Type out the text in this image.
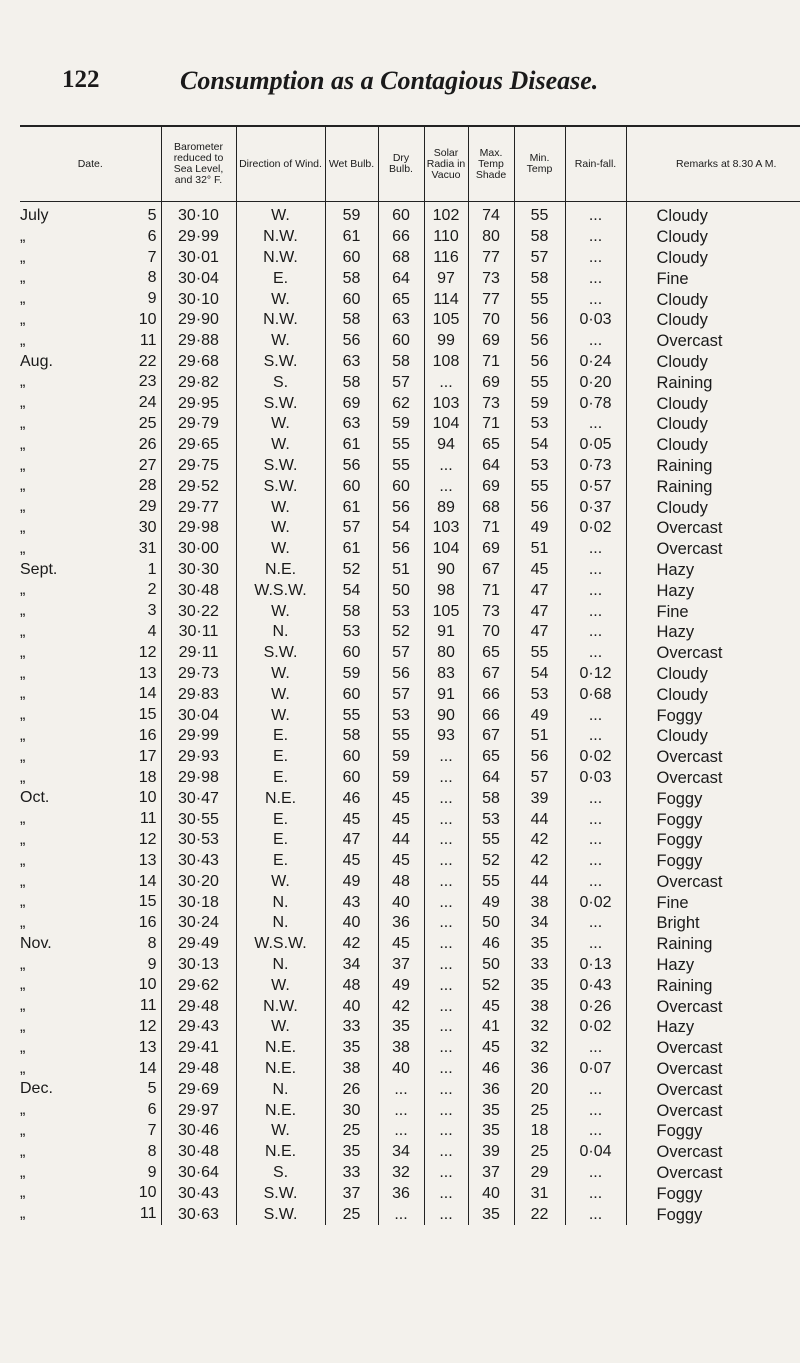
122	Consumption as a Contagious Disease.
Date.	Barometer reduced to Sea Level, and 32° F.	Direction of Wind.	Wet Bulb.	Dry Bulb.	Solar Radia in Vacuo	Max. Temp Shade	Min. Temp	Rain-fall.	Remarks at 8.30 A M.

July 5	30·10	W.	59	60	102	74	55	...	Cloudy

„ 6	29·99	N.W.	61	66	110	80	58	...	Cloudy

„ 7	30·01	N.W.	60	68	116	77	57	...	Cloudy

„ 8	30·04	E.	58	64	97	73	58	...	Fine

„ 9	30·10	W.	60	65	114	77	55	...	Cloudy

„ 10	29·90	N.W.	58	63	105	70	56	0·03	Cloudy

„ 11	29·88	W.	56	60	99	69	56	...	Overcast

Aug. 22	29·68	S.W.	63	58	108	71	56	0·24	Cloudy

„ 23	29·82	S.	58	57	...	69	55	0·20	Raining

„ 24	29·95	S.W.	69	62	103	73	59	0·78	Cloudy

„ 25	29·79	W.	63	59	104	71	53	...	Cloudy

„ 26	29·65	W.	61	55	94	65	54	0·05	Cloudy

„ 27	29·75	S.W.	56	55	...	64	53	0·73	Raining

„ 28	29·52	S.W.	60	60	...	69	55	0·57	Raining

„ 29	29·77	W.	61	56	89	68	56	0·37	Cloudy

„ 30	29·98	W.	57	54	103	71	49	0·02	Overcast

„ 31	30·00	W.	61	56	104	69	51	...	Overcast

Sept. 1	30·30	N.E.	52	51	90	67	45	...	Hazy

„ 2	30·48	W.S.W.	54	50	98	71	47	...	Hazy

„ 3	30·22	W.	58	53	105	73	47	...	Fine

„ 4	30·11	N.	53	52	91	70	47	...	Hazy

„ 12	29·11	S.W.	60	57	80	65	55	...	Overcast

„ 13	29·73	W.	59	56	83	67	54	0·12	Cloudy

„ 14	29·83	W.	60	57	91	66	53	0·68	Cloudy

„ 15	30·04	W.	55	53	90	66	49	...	Foggy

„ 16	29·99	E.	58	55	93	67	51	...	Cloudy

„ 17	29·93	E.	60	59	...	65	56	0·02	Overcast

„ 18	29·98	E.	60	59	...	64	57	0·03	Overcast

Oct. 10	30·47	N.E.	46	45	...	58	39	...	Foggy

„ 11	30·55	E.	45	45	...	53	44	...	Foggy

„ 12	30·53	E.	47	44	...	55	42	...	Foggy

„ 13	30·43	E.	45	45	...	52	42	...	Foggy

„ 14	30·20	W.	49	48	...	55	44	...	Overcast

„ 15	30·18	N.	43	40	...	49	38	0·02	Fine

„ 16	30·24	N.	40	36	...	50	34	...	Bright

Nov. 8	29·49	W.S.W.	42	45	...	46	35	...	Raining

„ 9	30·13	N.	34	37	...	50	33	0·13	Hazy

„ 10	29·62	W.	48	49	...	52	35	0·43	Raining

„ 11	29·48	N.W.	40	42	...	45	38	0·26	Overcast

„ 12	29·43	W.	33	35	...	41	32	0·02	Hazy

„ 13	29·41	N.E.	35	38	...	45	32	...	Overcast

„ 14	29·48	N.E.	38	40	...	46	36	0·07	Overcast

Dec. 5	29·69	N.	26	...	...	36	20	...	Overcast

„ 6	29·97	N.E.	30	...	...	35	25	...	Overcast

„ 7	30·46	W.	25	...	...	35	18	...	Foggy

„ 8	30·48	N.E.	35	34	...	39	25	0·04	Overcast

„ 9	30·64	S.	33	32	...	37	29	...	Overcast

„ 10	30·43	S.W.	37	36	...	40	31	...	Foggy

„ 11	30·63	S.W.	25	...	...	35	22	...	Foggy
